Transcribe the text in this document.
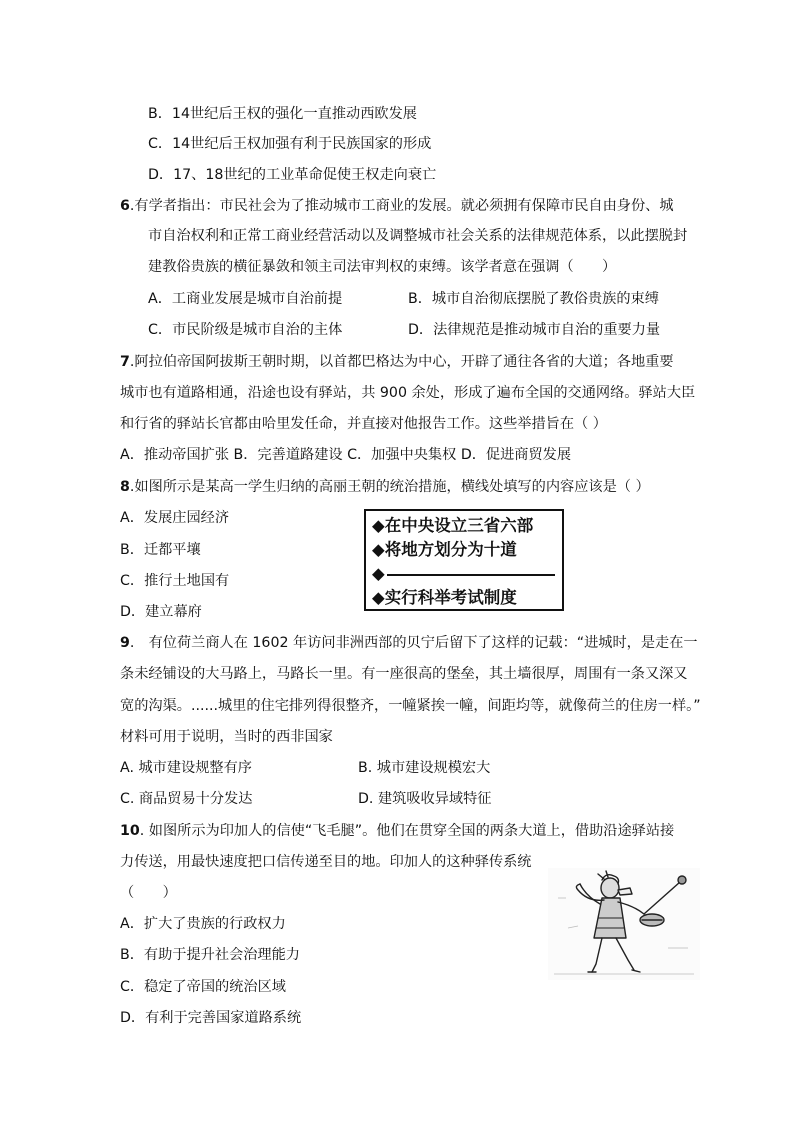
B．14世纪后王权的强化一直推动西欧发展
C．14世纪后王权加强有利于民族国家的形成
D．17、18世纪的工业革命促使王权走向衰亡
6.有学者指出：市民社会为了推动城市工商业的发展。就必须拥有保障市民自由身份、城
市自治权利和正常工商业经营活动以及调整城市社会关系的法律规范体系，以此摆脱封
建教俗贵族的横征暴敛和领主司法审判权的束缚。该学者意在强调（　　）
A．工商业发展是城市自治前提	B．城市自治彻底摆脱了教俗贵族的束缚
C．市民阶级是城市自治的主体	D．法律规范是推动城市自治的重要力量
7.阿拉伯帝国阿拔斯王朝时期，以首都巴格达为中心，开辟了通往各省的大道；各地重要
城市也有道路相通，沿途也设有驿站，共 900 余处，形成了遍布全国的交通网络。驿站大臣
和行省的驿站长官都由哈里发任命，并直接对他报告工作。这些举措旨在（ ）
A．推动帝国扩张 B．完善道路建设 C．加强中央集权 D．促进商贸发展
8.如图所示是某高一学生归纳的高丽王朝的统治措施，横线处填写的内容应该是（ ）
A．发展庄园经济
B．迁都平壤
C．推行土地国有
D．建立幕府
◆在中央设立三省六部
◆将地方划分为十道
◆
◆实行科举考试制度
9.　有位荷兰商人在 1602 年访问非洲西部的贝宁后留下了这样的记载：“进城时，是走在一
条未经铺设的大马路上，马路长一里。有一座很高的堡垒，其土墙很厚，周围有一条又深又
宽的沟渠。......城里的住宅排列得很整齐，一幢紧挨一幢，间距均等，就像荷兰的住房一样。”
材料可用于说明，当时的西非国家
A. 城市建设规整有序	B. 城市建设规模宏大
C. 商品贸易十分发达	D. 建筑吸收异域特征
10. 如图所示为印加人的信使“飞毛腿”。他们在贯穿全国的两条大道上，借助沿途驿站接
力传送，用最快速度把口信传递至目的地。印加人的这种驿传系统
（　　）
A．扩大了贵族的行政权力
B．有助于提升社会治理能力
C．稳定了帝国的统治区域
D．有利于完善国家道路系统
